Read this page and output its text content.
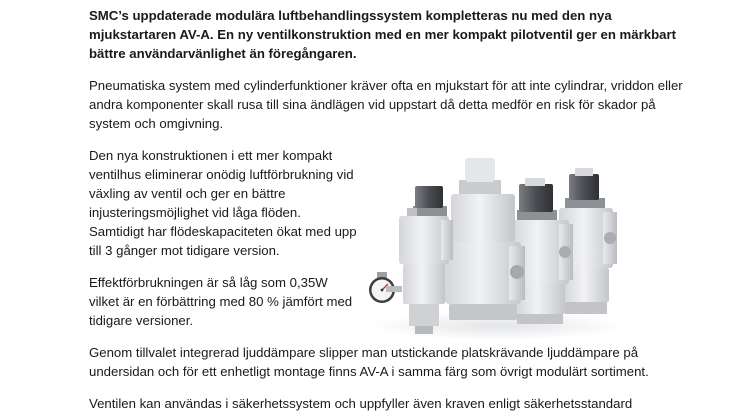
SMC’s uppdaterade modulära luftbehandlingssystem kompletteras nu med den nya mjukstartaren AV-A. En ny ventilkonstruktion med en mer kompakt pilotventil ger en märkbart bättre användarvänlighet än föregångaren.

Pneumatiska system med cylinderfunktioner kräver ofta en mjukstart för att inte cylindrar, vriddon eller andra komponenter skall rusa till sina ändlägen vid uppstart då detta medför en risk för skador på system och omgivning.

Den nya konstruktionen i ett mer kompakt ventilhus eliminerar onödig luftförbrukning vid växling av ventil och ger en bättre injusteringsmöjlighet vid låga flöden. Samtidigt har flödeskapaciteten ökat med upp till 3 gånger mot tidigare version.

Effektförbrukningen är så låg som 0,35W vilket är en förbättring med 80 % jämfört med tidigare versioner.

Genom tillvalet integrerad ljuddämpare slipper man utstickande platskrävande ljuddämpare på undersidan och för ett enhetligt montage finns AV-A i samma färg som övrigt modulärt sortiment.

Ventilen kan användas i säkerhetssystem och uppfyller även kraven enligt säkerhetsstandard
